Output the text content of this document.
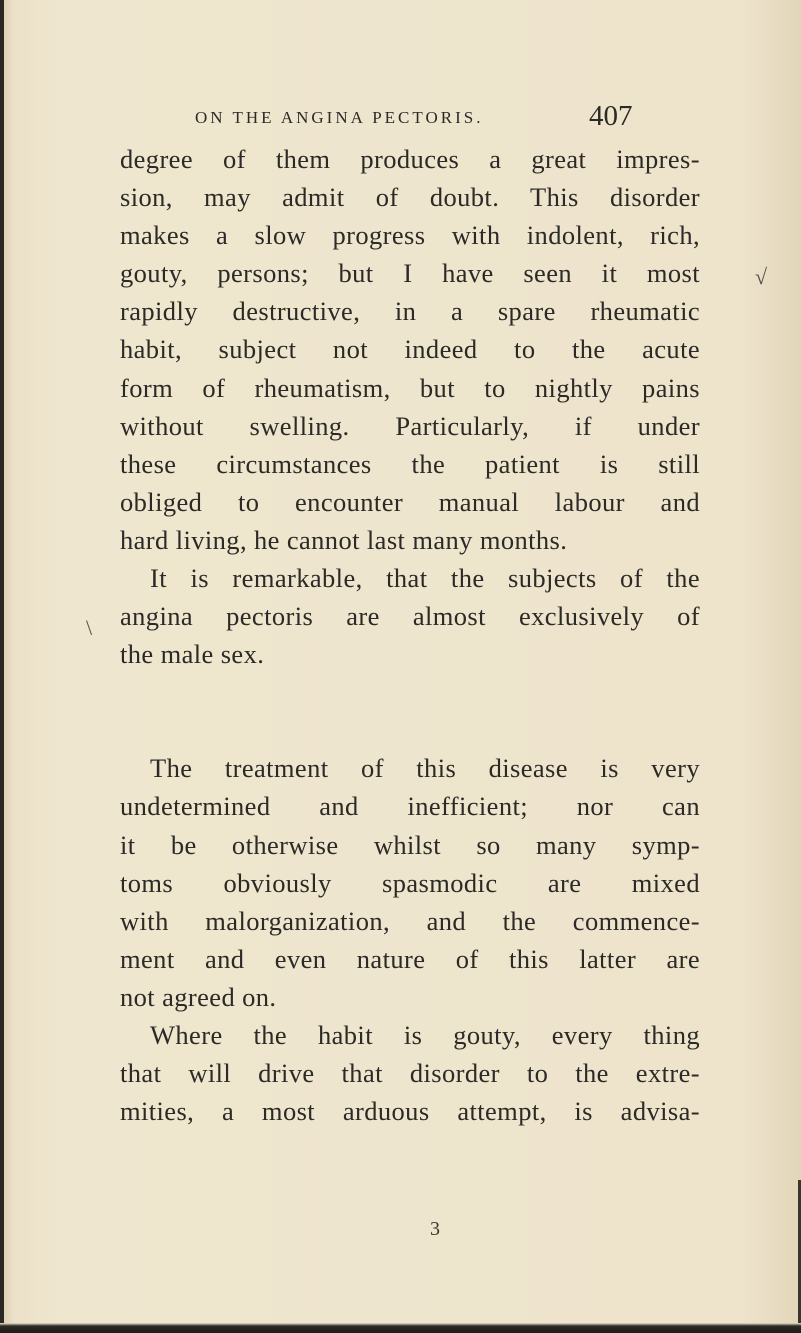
ON THE ANGINA PECTORIS.	407
degree of them produces a great impres-
sion, may admit of doubt. This disorder
makes a slow progress with indolent, rich,
gouty, persons; but I have seen it most
rapidly destructive, in a spare rheumatic
habit, subject not indeed to the acute
form of rheumatism, but to nightly pains
without swelling. Particularly, if under
these circumstances the patient is still
obliged to encounter manual labour and
hard living, he cannot last many months.
It is remarkable, that the subjects of the
angina pectoris are almost exclusively of
the male sex.
The treatment of this disease is very
undetermined and inefficient; nor can
it be otherwise whilst so many symp-
toms obviously spasmodic are mixed
with malorganization, and the commence-
ment and even nature of this latter are
not agreed on.
Where the habit is gouty, every thing
that will drive that disorder to the extre-
mities, a most arduous attempt, is advisa-
√
\
3
